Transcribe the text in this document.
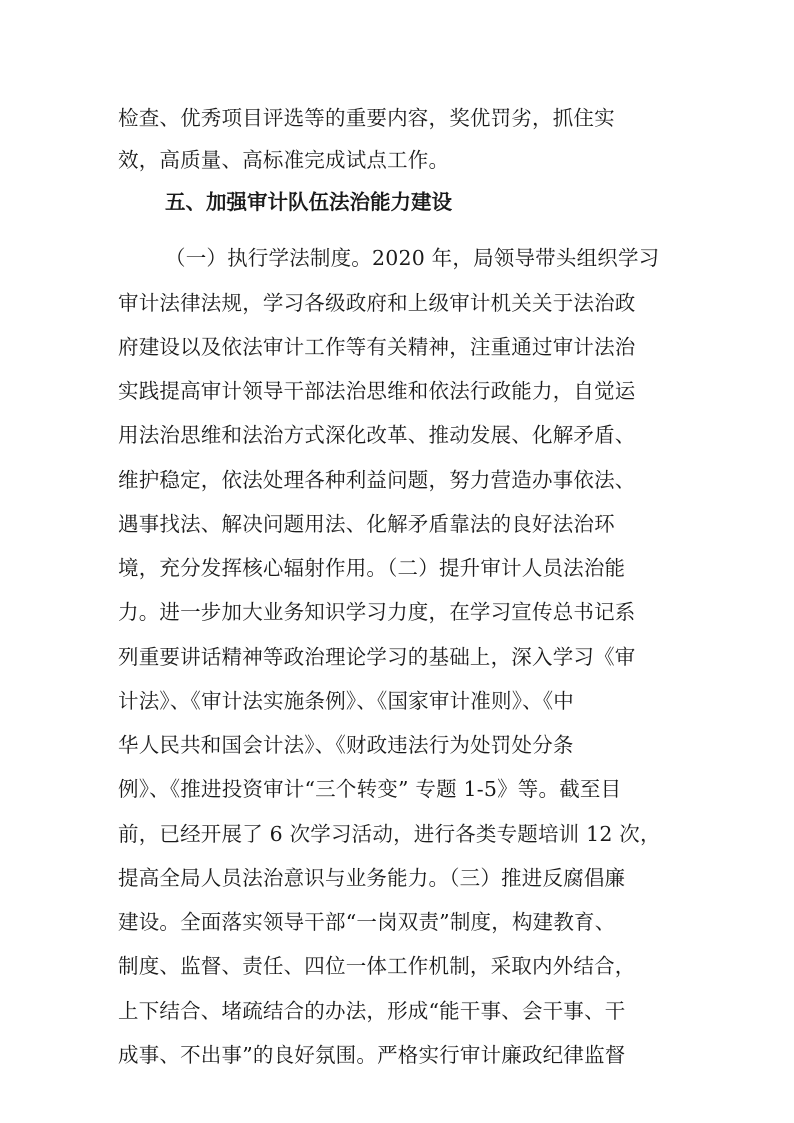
检查、优秀项目评选等的重要内容，奖优罚劣，抓住实
效，高质量、高标准完成试点工作。
五、加强审计队伍法治能力建设
（一）执行学法制度。2020 年，局领导带头组织学习
审计法律法规，学习各级政府和上级审计机关关于法治政
府建设以及依法审计工作等有关精神，注重通过审计法治
实践提高审计领导干部法治思维和依法行政能力，自觉运
用法治思维和法治方式深化改革、推动发展、化解矛盾、
维护稳定，依法处理各种利益问题，努力营造办事依法、
遇事找法、解决问题用法、化解矛盾靠法的良好法治环
境，充分发挥核心辐射作用。（二）提升审计人员法治能
力。进一步加大业务知识学习力度，在学习宣传总书记系
列重要讲话精神等政治理论学习的基础上，深入学习《审
计法》、《审计法实施条例》、《国家审计准则》、《中
华人民共和国会计法》、《财政违法行为处罚处分条
例》、《推进投资审计“三个转变” 专题 1-5》等。截至目
前，已经开展了 6 次学习活动，进行各类专题培训 12 次，
提高全局人员法治意识与业务能力。（三）推进反腐倡廉
建设。全面落实领导干部“一岗双责”制度，构建教育、
制度、监督、责任、四位一体工作机制，采取内外结合，
上下结合、堵疏结合的办法，形成“能干事、会干事、干
成事、不出事”的良好氛围。严格实行审计廉政纪律监督
